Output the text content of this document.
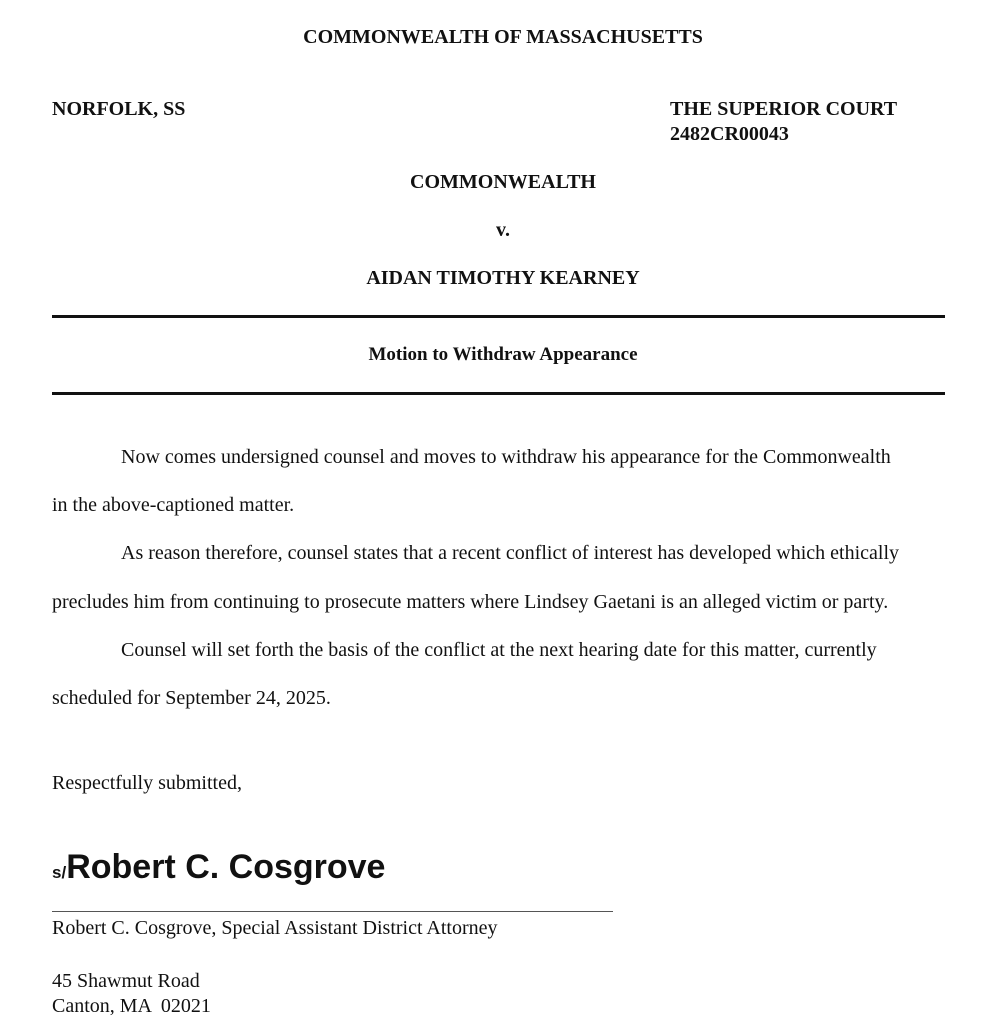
COMMONWEALTH OF MASSACHUSETTS
NORFOLK, SS	THE SUPERIOR COURT
2482CR00043
COMMONWEALTH
v.
AIDAN TIMOTHY KEARNEY
Motion to Withdraw Appearance
Now comes undersigned counsel and moves to withdraw his appearance for the Commonwealth
in the above-captioned matter.
As reason therefore, counsel states that a recent conflict of interest has developed which ethically
precludes him from continuing to prosecute matters where Lindsey Gaetani is an alleged victim or party.
Counsel will set forth the basis of the conflict at the next hearing date for this matter, currently
scheduled for September 24, 2025.
Respectfully submitted,
s/Robert C. Cosgrove
Robert C. Cosgrove, Special Assistant District Attorney
45 Shawmut Road
Canton, MA  02021
